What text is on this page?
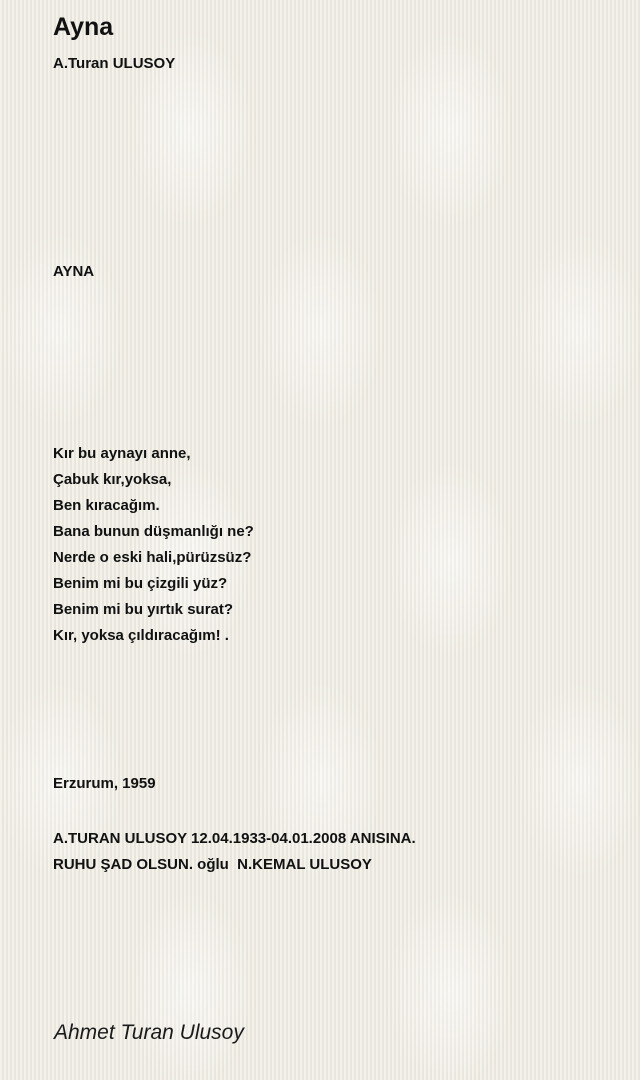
Ayna
A.Turan ULUSOY
AYNA
Kır bu aynayı anne,
Çabuk kır,yoksa,
Ben kıracağım.
Bana bunun düşmanlığı ne?
Nerde o eski hali,pürüzsüz?
Benim mi bu çizgili yüz?
Benim mi bu yırtık surat?
Kır, yoksa çıldıracağım! .
Erzurum, 1959
A.TURAN ULUSOY 12.04.1933-04.01.2008 ANISINA.
RUHU ŞAD OLSUN. oğlu  N.KEMAL ULUSOY
Ahmet Turan Ulusoy
